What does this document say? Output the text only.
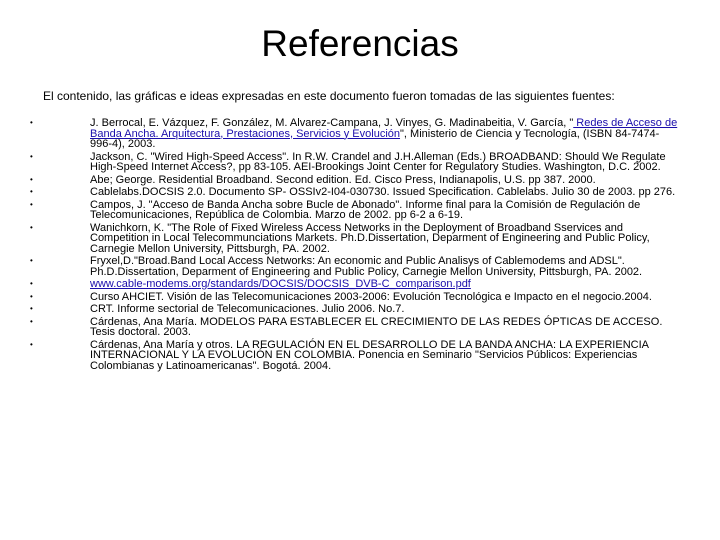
Referencias

El contenido, las gráficas e ideas expresadas en este documento fueron tomadas de las siguientes fuentes:

•	J. Berrocal, E. Vázquez, F. González, M. Alvarez-Campana, J. Vinyes, G. Madinabeitia, V. García, " Redes de Acceso de Banda Ancha. Arquitectura, Prestaciones, Servicios y Evolución", Ministerio de Ciencia y Tecnología, (ISBN 84-7474-996-4), 2003.
•	Jackson, C. "Wired High-Speed Access". In R.W. Crandel and J.H.Alleman (Eds.) BROADBAND: Should We Regulate High-Speed Internet Access?, pp 83-105. AEI-Brookings Joint Center for Regulatory Studies. Washington, D.C. 2002.
•	Abe; George. Residential Broadband. Second edition. Ed. Cisco Press, Indianapolis, U.S. pp 387. 2000.
•	Cablelabs.DOCSIS 2.0. Documento SP- OSSIv2-I04-030730. Issued Specification. Cablelabs. Julio 30 de 2003. pp 276.
•	Campos, J. "Acceso de Banda Ancha sobre Bucle de Abonado". Informe final para la Comisión de Regulación de Telecomunicaciones, República de Colombia. Marzo de 2002. pp 6-2 a 6-19.
•	Wanichkorn, K. "The Role of Fixed Wireless Access Networks in the Deployment of Broadband Sservices and Competition in Local Telecommunciations Markets. Ph.D.Dissertation, Deparment of Engineering and Public Policy, Carnegie Mellon University, Pittsburgh, PA. 2002.
•	Fryxel,D."Broad.Band Local Access Networks: An economic and Public Analisys of Cablemodems and ADSL". Ph.D.Dissertation, Deparment of Engineering and Public Policy, Carnegie Mellon University, Pittsburgh, PA. 2002.
•	www.cable-modems.org/standards/DOCSIS/DOCSIS_DVB-C_comparison.pdf
•	Curso AHCIET. Visión de las Telecomunicaciones 2003-2006: Evolución Tecnológica e Impacto en el negocio.2004.
•	CRT. Informe sectorial de Telecomunicaciones. Julio 2006. No.7.
•	Cárdenas, Ana María. MODELOS PARA ESTABLECER EL CRECIMIENTO DE LAS REDES ÓPTICAS DE ACCESO. Tesis doctoral. 2003.
•	Cárdenas, Ana María y otros. LA REGULACIÓN EN EL DESARROLLO DE LA BANDA ANCHA: LA EXPERIENCIA INTERNACIONAL Y LA EVOLUCIÓN EN COLOMBIA. Ponencia en Seminario "Servicios Públicos: Experiencias Colombianas y Latinoamericanas". Bogotá. 2004.
